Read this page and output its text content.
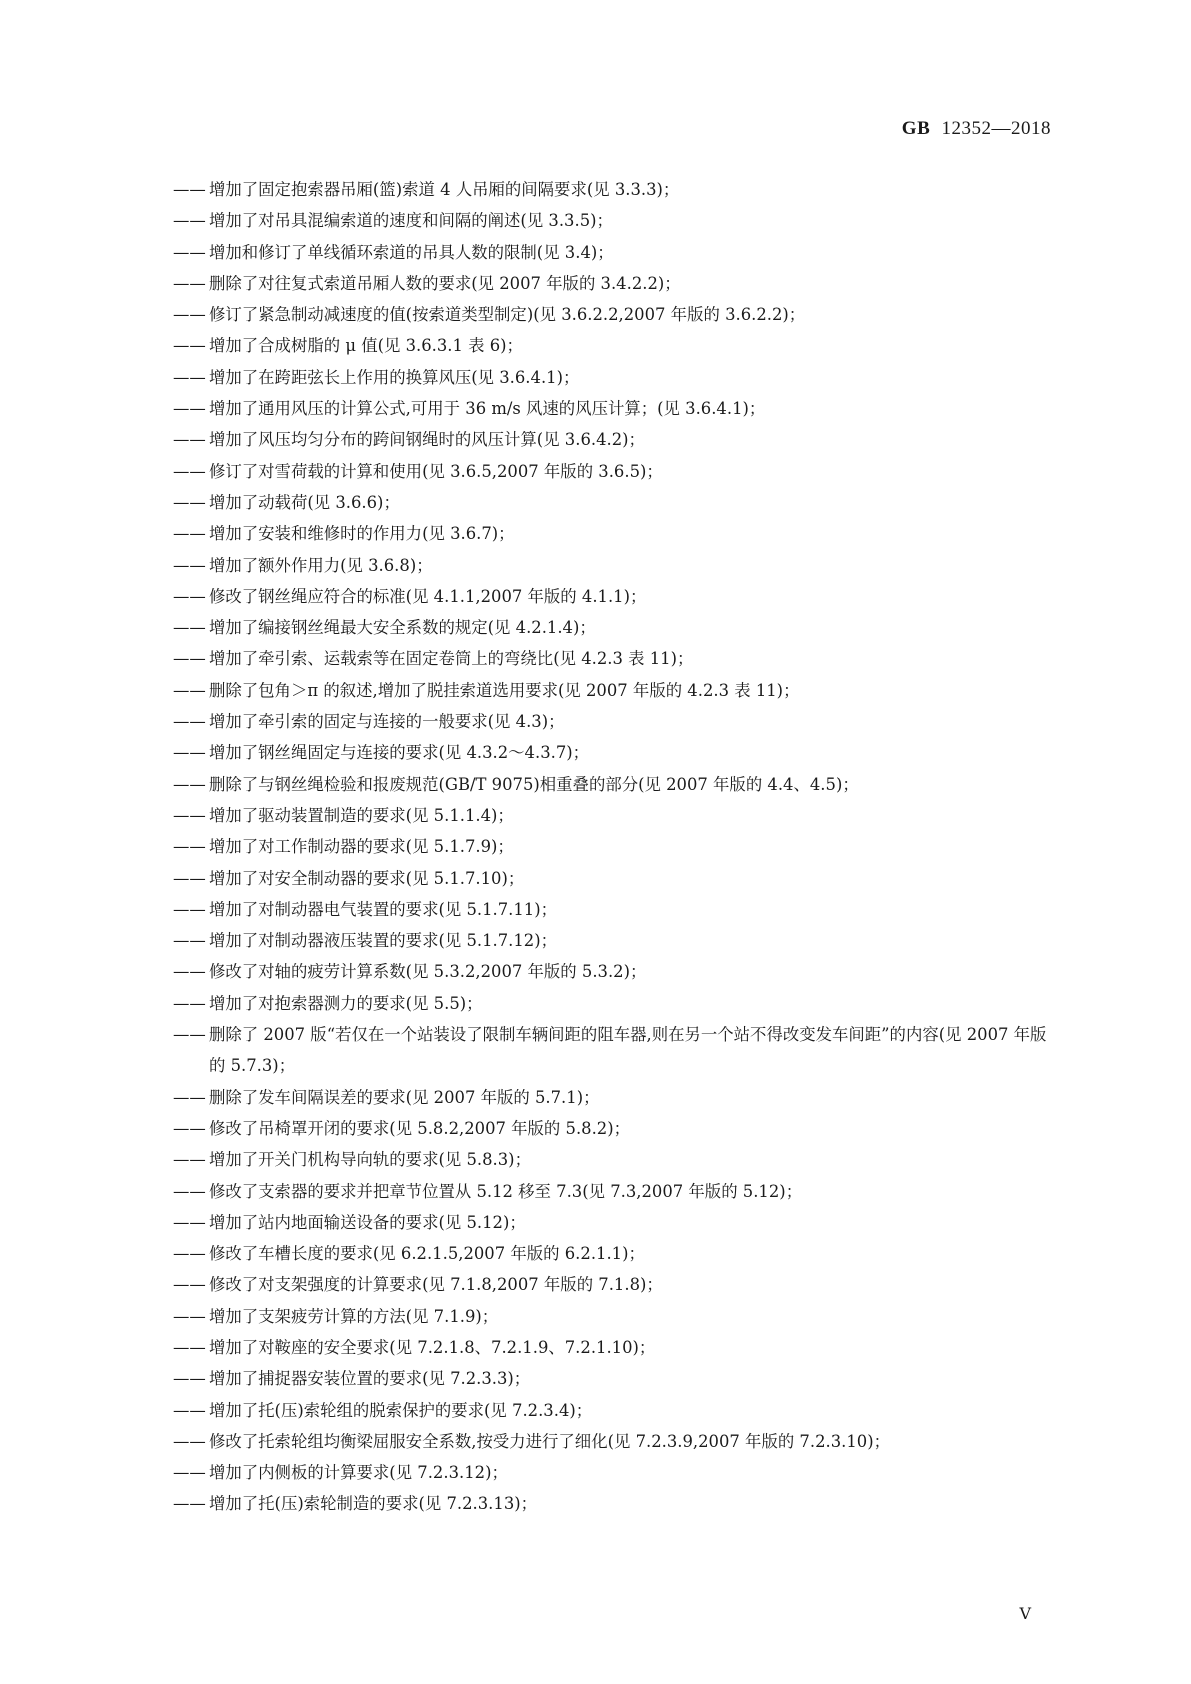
GB 12352—2018
—— 增加了固定抱索器吊厢(篮)索道 4 人吊厢的间隔要求(见 3.3.3)；
—— 增加了对吊具混编索道的速度和间隔的阐述(见 3.3.5)；
—— 增加和修订了单线循环索道的吊具人数的限制(见 3.4)；
—— 删除了对往复式索道吊厢人数的要求(见 2007 年版的 3.4.2.2)；
—— 修订了紧急制动减速度的值(按索道类型制定)(见 3.6.2.2,2007 年版的 3.6.2.2)；
—— 增加了合成树脂的 μ 值(见 3.6.3.1 表 6)；
—— 增加了在跨距弦长上作用的换算风压(见 3.6.4.1)；
—— 增加了通用风压的计算公式,可用于 36 m/s 风速的风压计算；(见 3.6.4.1)；
—— 增加了风压均匀分布的跨间钢绳时的风压计算(见 3.6.4.2)；
—— 修订了对雪荷载的计算和使用(见 3.6.5,2007 年版的 3.6.5)；
—— 增加了动载荷(见 3.6.6)；
—— 增加了安装和维修时的作用力(见 3.6.7)；
—— 增加了额外作用力(见 3.6.8)；
—— 修改了钢丝绳应符合的标准(见 4.1.1,2007 年版的 4.1.1)；
—— 增加了编接钢丝绳最大安全系数的规定(见 4.2.1.4)；
—— 增加了牵引索、运载索等在固定卷筒上的弯绕比(见 4.2.3 表 11)；
—— 删除了包角＞π 的叙述,增加了脱挂索道选用要求(见 2007 年版的 4.2.3 表 11)；
—— 增加了牵引索的固定与连接的一般要求(见 4.3)；
—— 增加了钢丝绳固定与连接的要求(见 4.3.2～4.3.7)；
—— 删除了与钢丝绳检验和报废规范(GB/T 9075)相重叠的部分(见 2007 年版的 4.4、4.5)；
—— 增加了驱动装置制造的要求(见 5.1.1.4)；
—— 增加了对工作制动器的要求(见 5.1.7.9)；
—— 增加了对安全制动器的要求(见 5.1.7.10)；
—— 增加了对制动器电气装置的要求(见 5.1.7.11)；
—— 增加了对制动器液压装置的要求(见 5.1.7.12)；
—— 修改了对轴的疲劳计算系数(见 5.3.2,2007 年版的 5.3.2)；
—— 增加了对抱索器测力的要求(见 5.5)；
—— 删除了 2007 版“若仅在一个站装设了限制车辆间距的阻车器,则在另一个站不得改变发车间距”的内容(见 2007 年版的 5.7.3)；
—— 删除了发车间隔误差的要求(见 2007 年版的 5.7.1)；
—— 修改了吊椅罩开闭的要求(见 5.8.2,2007 年版的 5.8.2)；
—— 增加了开关门机构导向轨的要求(见 5.8.3)；
—— 修改了支索器的要求并把章节位置从 5.12 移至 7.3(见 7.3,2007 年版的 5.12)；
—— 增加了站内地面输送设备的要求(见 5.12)；
—— 修改了车槽长度的要求(见 6.2.1.5,2007 年版的 6.2.1.1)；
—— 修改了对支架强度的计算要求(见 7.1.8,2007 年版的 7.1.8)；
—— 增加了支架疲劳计算的方法(见 7.1.9)；
—— 增加了对鞍座的安全要求(见 7.2.1.8、7.2.1.9、7.2.1.10)；
—— 增加了捕捉器安装位置的要求(见 7.2.3.3)；
—— 增加了托(压)索轮组的脱索保护的要求(见 7.2.3.4)；
—— 修改了托索轮组均衡梁屈服安全系数,按受力进行了细化(见 7.2.3.9,2007 年版的 7.2.3.10)；
—— 增加了内侧板的计算要求(见 7.2.3.12)；
—— 增加了托(压)索轮制造的要求(见 7.2.3.13)；
V
